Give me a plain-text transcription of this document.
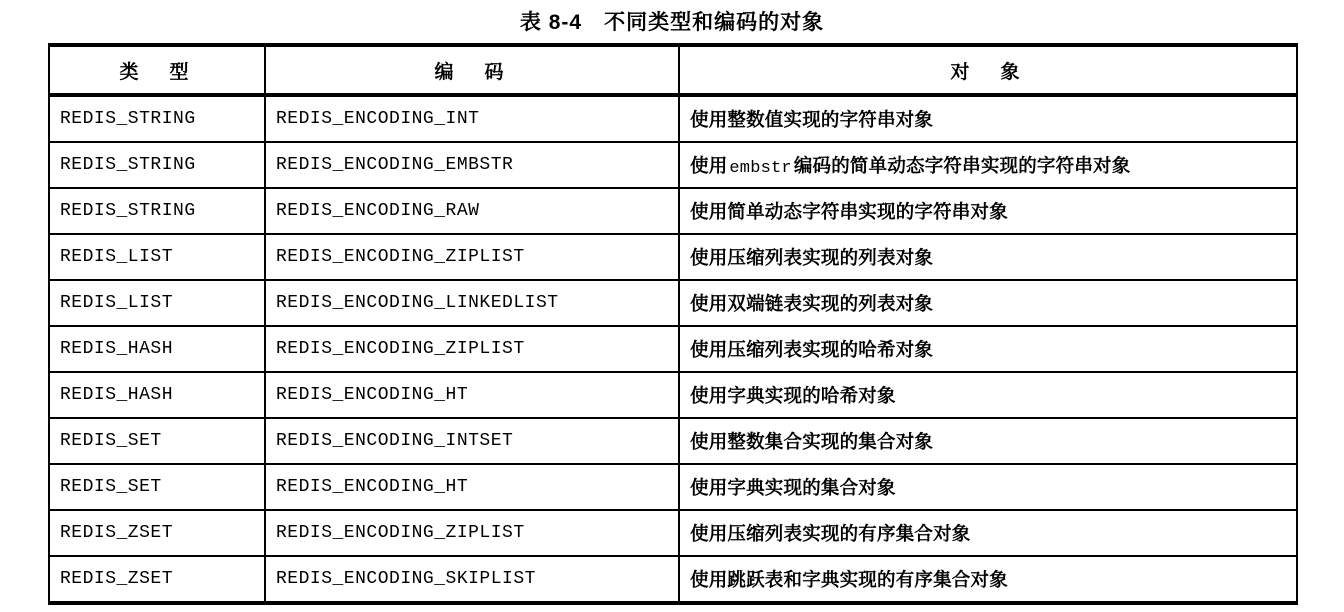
表 8-4　不同类型和编码的对象
类　型	编　码	对　象
REDIS_STRING	REDIS_ENCODING_INT	使用整数值实现的字符串对象
REDIS_STRING	REDIS_ENCODING_EMBSTR	使用 embstr 编码的简单动态字符串实现的字符串对象
REDIS_STRING	REDIS_ENCODING_RAW	使用简单动态字符串实现的字符串对象
REDIS_LIST	REDIS_ENCODING_ZIPLIST	使用压缩列表实现的列表对象
REDIS_LIST	REDIS_ENCODING_LINKEDLIST	使用双端链表实现的列表对象
REDIS_HASH	REDIS_ENCODING_ZIPLIST	使用压缩列表实现的哈希对象
REDIS_HASH	REDIS_ENCODING_HT	使用字典实现的哈希对象
REDIS_SET	REDIS_ENCODING_INTSET	使用整数集合实现的集合对象
REDIS_SET	REDIS_ENCODING_HT	使用字典实现的集合对象
REDIS_ZSET	REDIS_ENCODING_ZIPLIST	使用压缩列表实现的有序集合对象
REDIS_ZSET	REDIS_ENCODING_SKIPLIST	使用跳跃表和字典实现的有序集合对象
